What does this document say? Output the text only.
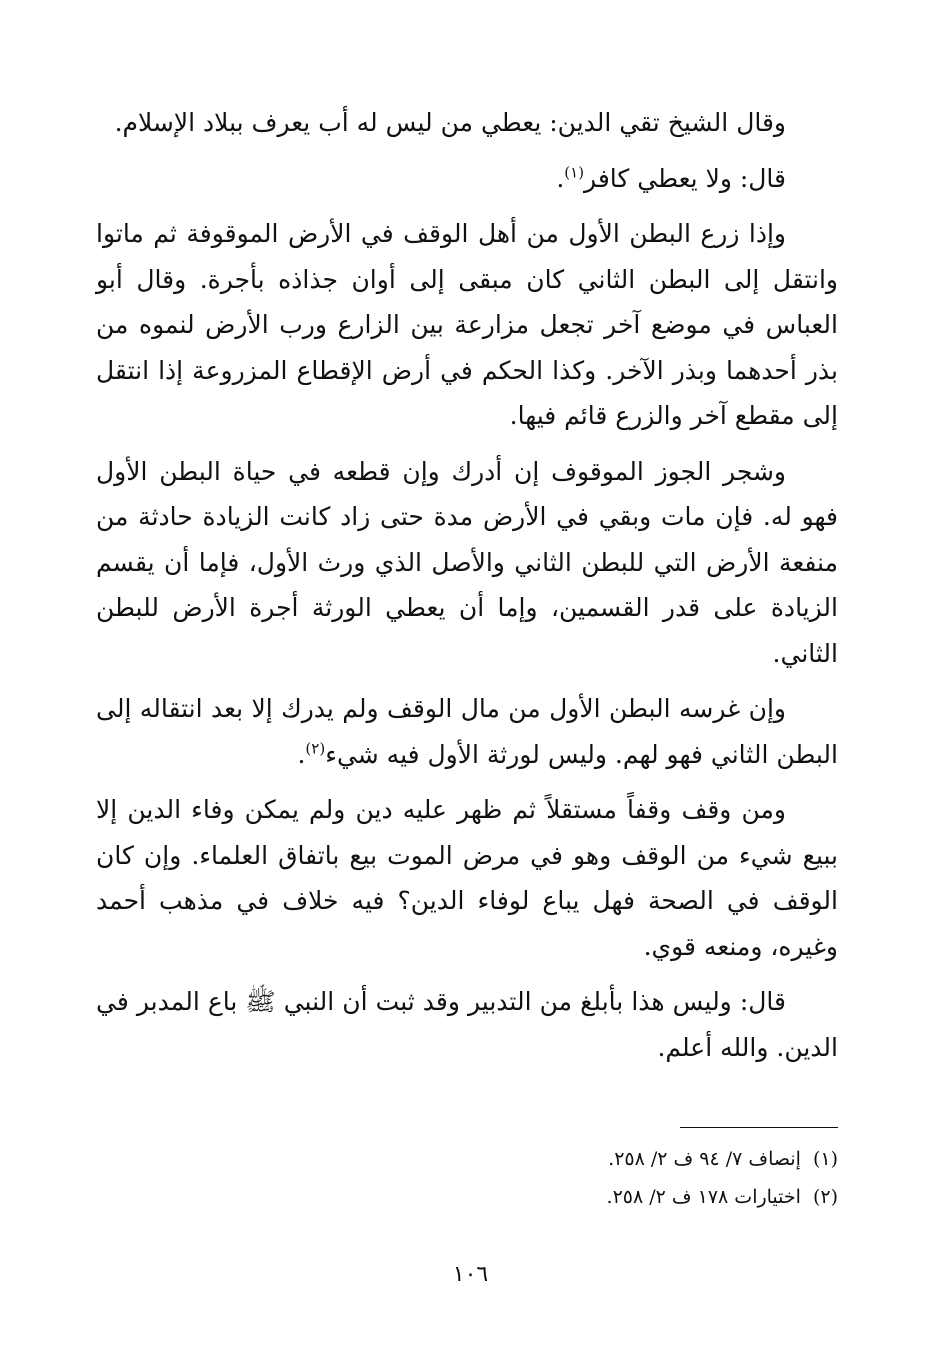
وقال الشيخ تقي الدين: يعطي من ليس له أب يعرف ببلاد الإسلام.

قال: ولا يعطي كافر$^{(١)}$.

وإذا زرع البطن الأول من أهل الوقف في الأرض الموقوفة ثم ماتوا وانتقل إلى البطن الثاني كان مبقى إلى أوان جذاذه بأجرة. وقال أبو العباس في موضع آخر تجعل مزارعة بين الزارع ورب الأرض لنموه من بذر أحدهما وبذر الآخر. وكذا الحكم في أرض الإقطاع المزروعة إذا انتقل إلى مقطع آخر والزرع قائم فيها.

وشجر الجوز الموقوف إن أدرك وإن قطعه في حياة البطن الأول فهو له. فإن مات وبقي في الأرض مدة حتى زاد كانت الزيادة حادثة من منفعة الأرض التي للبطن الثاني والأصل الذي ورث الأول، فإما أن يقسم الزيادة على قدر القسمين، وإما أن يعطي الورثة أجرة الأرض للبطن الثاني.

وإن غرسه البطن الأول من مال الوقف ولم يدرك إلا بعد انتقاله إلى البطن الثاني فهو لهم. وليس لورثة الأول فيه شيء$^{(٢)}$.

ومن وقف وقفاً مستقلاً ثم ظهر عليه دين ولم يمكن وفاء الدين إلا ببيع شيء من الوقف وهو في مرض الموت بيع باتفاق العلماء. وإن كان الوقف في الصحة فهل يباع لوفاء الدين؟ فيه خلاف في مذهب أحمد وغيره، ومنعه قوي.

قال: وليس هذا بأبلغ من التدبير وقد ثبت أن النبي ﷺ باع المدبر في الدين. والله أعلم.

(١)إنصاف ٧/ ٩٤ ف ٢/ ٢٥٨.
(٢)اختيارات ١٧٨ ف ٢/ ٢٥٨.
١٠٦
